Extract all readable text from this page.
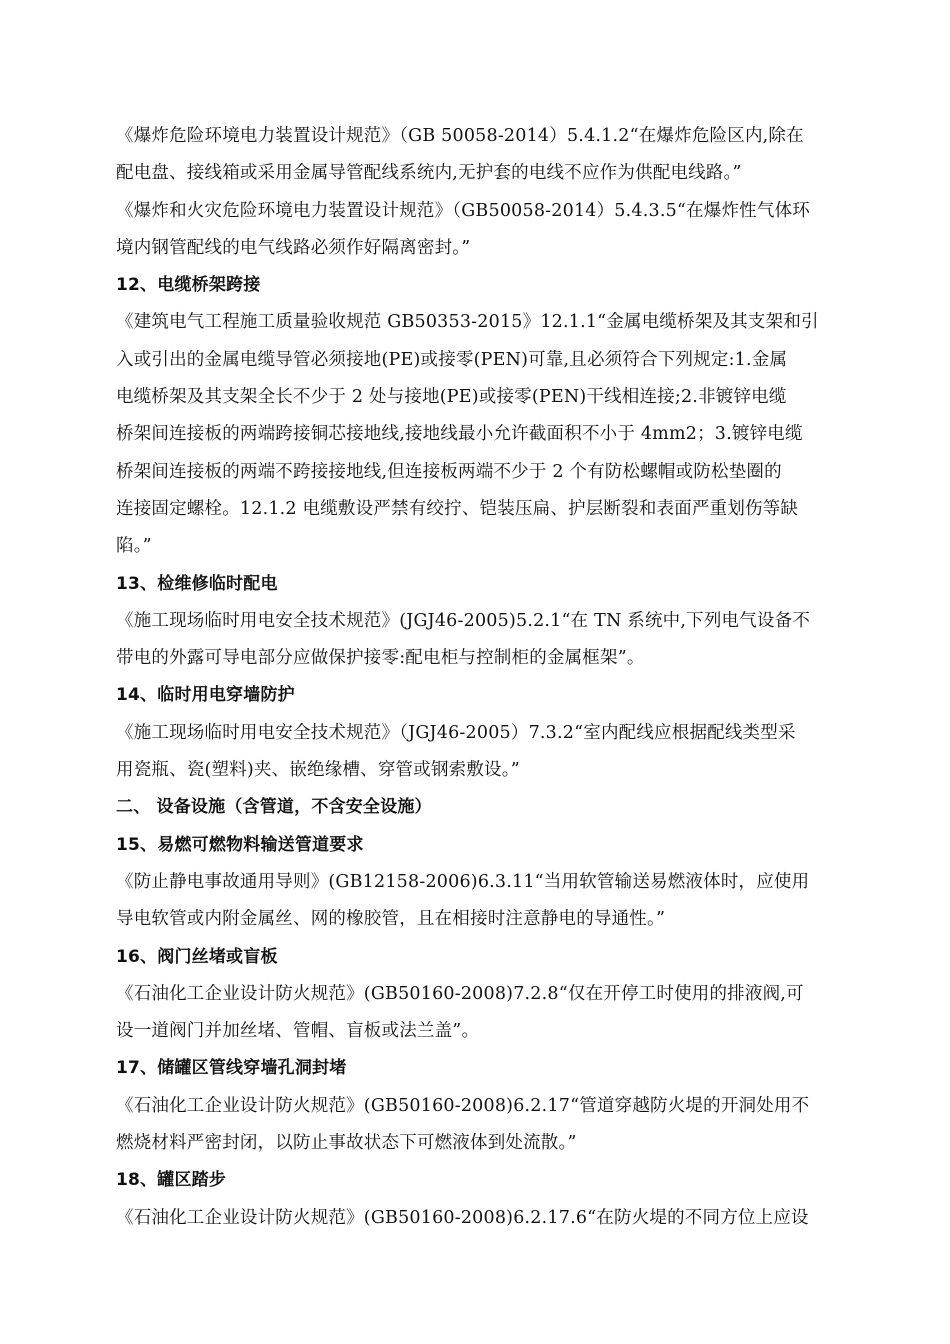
《爆炸危险环境电力装置设计规范》（GB 50058-2014）5.4.1.2“在爆炸危险区内,除在
配电盘、接线箱或采用金属导管配线系统内,无护套的电线不应作为供配电线路。”
《爆炸和火灾危险环境电力装置设计规范》（GB50058-2014）5.4.3.5“在爆炸性气体环
境内钢管配线的电气线路必须作好隔离密封。”
12、电缆桥架跨接
《建筑电气工程施工质量验收规范 GB50353-2015》12.1.1“金属电缆桥架及其支架和引
入或引出的金属电缆导管必须接地(PE)或接零(PEN)可靠,且必须符合下列规定:1.金属
电缆桥架及其支架全长不少于 2 处与接地(PE)或接零(PEN)干线相连接;2.非镀锌电缆
桥架间连接板的两端跨接铜芯接地线,接地线最小允许截面积不小于 4mm2；3.镀锌电缆
桥架间连接板的两端不跨接接地线,但连接板两端不少于 2 个有防松螺帽或防松垫圈的
连接固定螺栓。12.1.2 电缆敷设严禁有绞拧、铠装压扁、护层断裂和表面严重划伤等缺
陷。”
13、检维修临时配电
《施工现场临时用电安全技术规范》(JGJ46-2005)5.2.1“在 TN 系统中,下列电气设备不
带电的外露可导电部分应做保护接零:配电柜与控制柜的金属框架”。
14、临时用电穿墙防护
《施工现场临时用电安全技术规范》（JGJ46-2005）7.3.2“室内配线应根据配线类型采
用瓷瓶、瓷(塑料)夹、嵌绝缘槽、穿管或钢索敷设。”
二、 设备设施（含管道，不含安全设施）
15、易燃可燃物料输送管道要求
《防止静电事故通用导则》(GB12158-2006)6.3.11“当用软管输送易燃液体时，应使用
导电软管或内附金属丝、网的橡胶管，且在相接时注意静电的导通性。”
16、阀门丝堵或盲板
《石油化工企业设计防火规范》(GB50160-2008)7.2.8“仅在开停工时使用的排液阀,可
设一道阀门并加丝堵、管帽、盲板或法兰盖”。
17、储罐区管线穿墙孔洞封堵
《石油化工企业设计防火规范》(GB50160-2008)6.2.17“管道穿越防火堤的开洞处用不
燃烧材料严密封闭，以防止事故状态下可燃液体到处流散。”
18、罐区踏步
《石油化工企业设计防火规范》(GB50160-2008)6.2.17.6“在防火堤的不同方位上应设
